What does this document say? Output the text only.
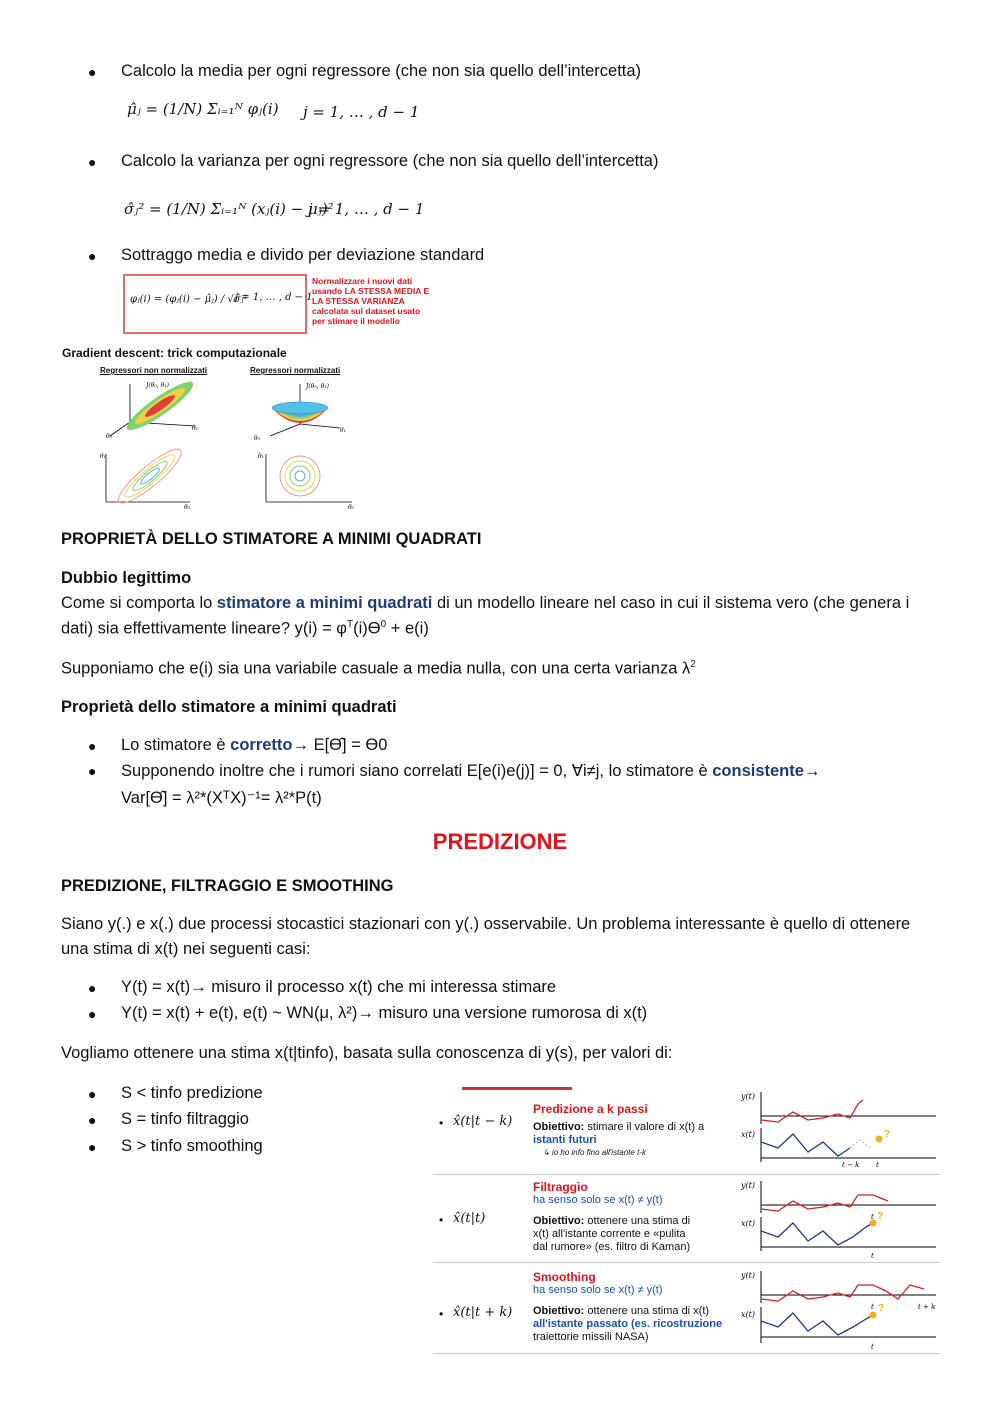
● Calcolo la media per ogni regressore (che non sia quello dell’intercetta)
μ̂ⱼ = (1/N) Σᵢ₌₁ᴺ φⱼ(i) j = 1, … , d − 1
● Calcolo la varianza per ogni regressore (che non sia quello dell’intercetta)
σ̂ⱼ² = (1/N) Σᵢ₌₁ᴺ (xⱼ(i) − μⱼ)²
j = 1, … , d − 1
● Sottraggo media e divido per deviazione standard
φⱼ(i) = (φⱼ(i) − μ̂ⱼ) / √σ̂ⱼ²
j = 1, … , d − 1
Normalizzare i nuovi dati usando LA STESSA MEDIA E LA STESSA VARIANZA calcolata sul dataset usato per stimare il modello
Gradient descent: trick computazionale
Regressori non normalizzati	Regressori normalizzati
J(θ₀, θ₁)
θ₀
θ₁
J(θ₀, θ₁)
θ₀
θ₁
θ₁
θ₀
θ₁
θ₀
PROPRIETÀ DELLO STIMATORE A MINIMI QUADRATI
Dubbio legittimo
Come si comporta lo stimatore a minimi quadrati di un modello lineare nel caso in cui il sistema vero (che genera i
dati) sia effettivamente lineare? $y(i) = \varphi^T(i)ϴ^0 + e(i)$
Supponiamo che e(i) sia una variabile casuale a media nulla, con una certa varianza $\lambda^2$
Proprietà dello stimatore a minimi quadrati
● Lo stimatore è corretto→ E[ϴ̂] = ϴ0
● Supponendo inoltre che i rumori siano correlati E[e(i)e(j)] = 0, ∀i≠j, lo stimatore è consistente→
Var[ϴ̂] = λ²*(XᵀX)⁻¹= λ²*P(t)
PREDIZIONE
PREDIZIONE, FILTRAGGIO E SMOOTHING
Siano y(.) e x(.) due processi stocastici stazionari con y(.) osservabile. Un problema interessante è quello di ottenere
una stima di x(t) nei seguenti casi:
● Y(t) = x(t)→ misuro il processo x(t) che mi interessa stimare
● Y(t) = x(t) + e(t), e(t) ~ WN(μ, λ²)→ misuro una versione rumorosa di x(t)
Vogliamo ottenere una stima x(t|tinfo), basata sulla conoscenza di y(s), per valori di:
● S < tinfo predizione
● S = tinfo filtraggio
● S > tinfo smoothing
• x̂(t|t − k)
Predizione a k passi
Obiettivo: stimare il valore di x(t) a
istanti futuri
↳ io ho info fino all'istante t-k
y(t)
x(t)	?
t − k t
• x̂(t|t)
Filtraggio
ha senso solo se x(t) ≠ y(t)
Obiettivo: ottenere una stima di
x(t) all'istante corrente e «pulita
dal rumore» (es. filtro di Kaman)
y(t)
x(t)
?
t
t
• x̂(t|t + k)
Smoothing
ha senso solo se x(t) ≠ y(t)
Obiettivo: ottenere una stima di x(t)
all'istante passato (es. ricostruzione
traiettorie missili NASA)
y(t)
x(t)
?
t	t + k
t
